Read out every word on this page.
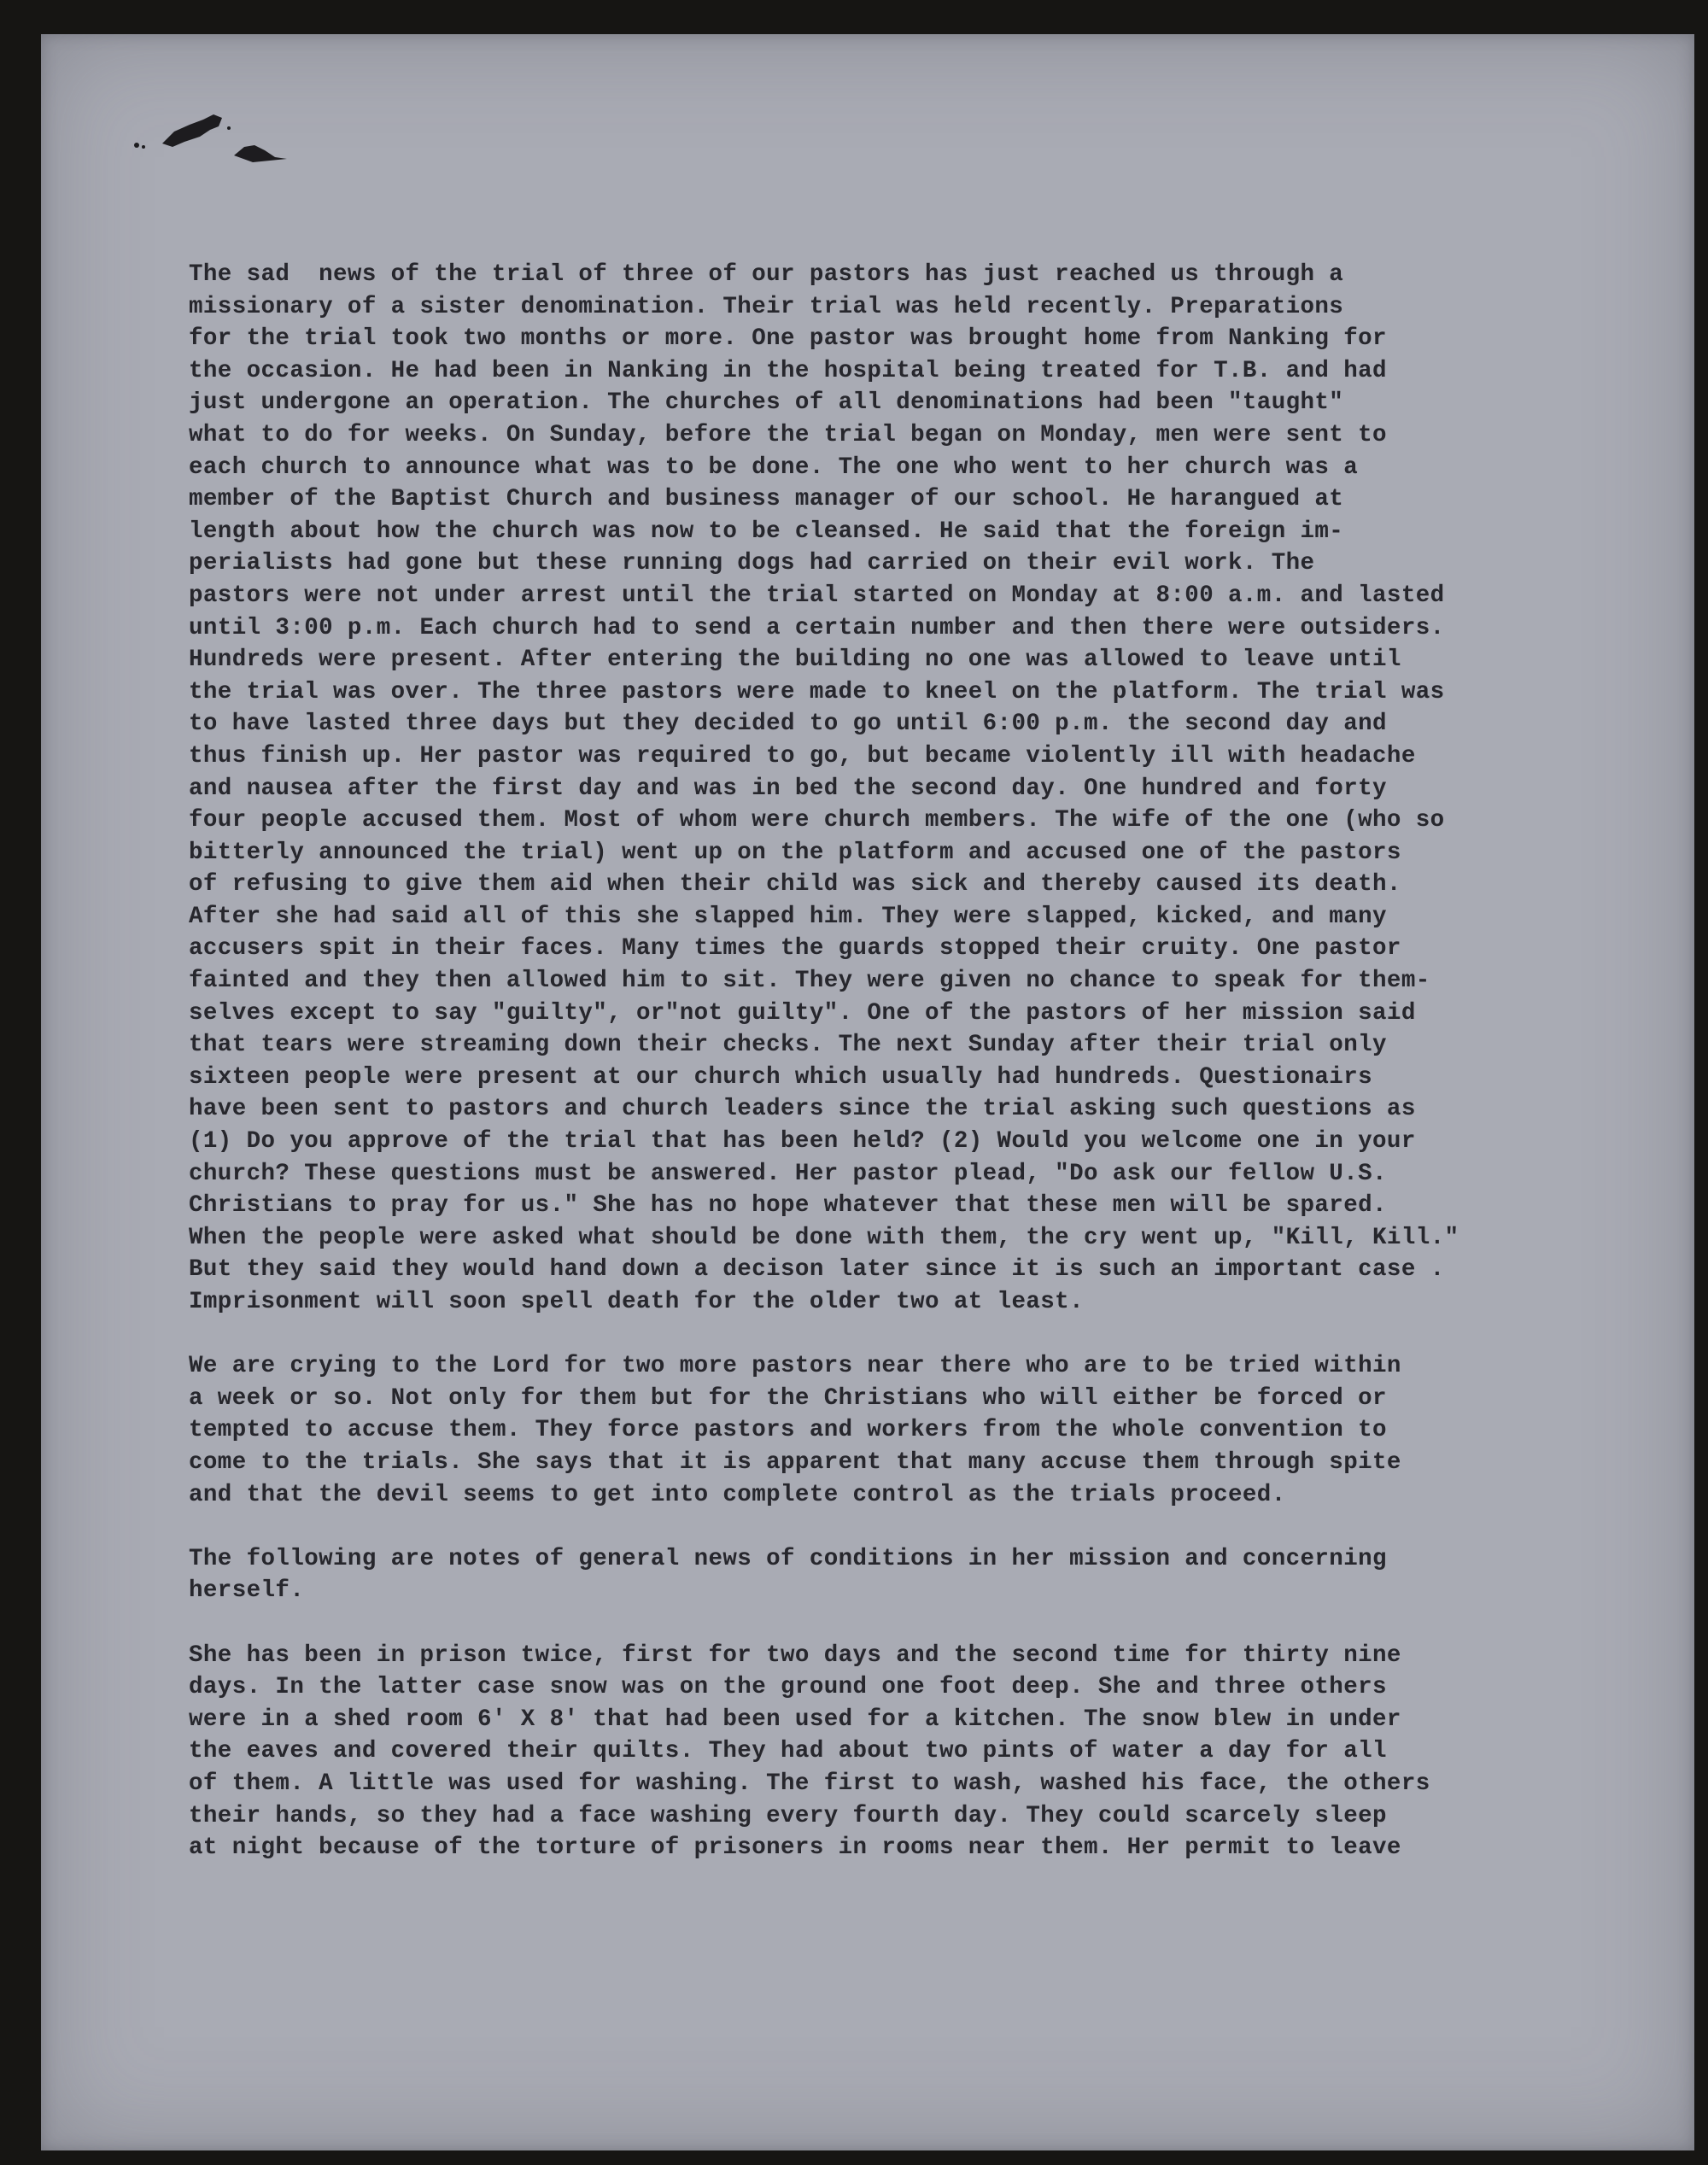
The sad  news of the trial of three of our pastors has just reached us through a
missionary of a sister denomination. Their trial was held recently. Preparations
for the trial took two months or more. One pastor was brought home from Nanking for
the occasion. He had been in Nanking in the hospital being treated for T.B. and had
just undergone an operation. The churches of all denominations had been "taught"
what to do for weeks. On Sunday, before the trial began on Monday, men were sent to
each church to announce what was to be done. The one who went to her church was a
member of the Baptist Church and business manager of our school. He harangued at
length about how the church was now to be cleansed. He said that the foreign im-
perialists had gone but these running dogs had carried on their evil work. The
pastors were not under arrest until the trial started on Monday at 8:00 a.m. and lasted
until 3:00 p.m. Each church had to send a certain number and then there were outsiders.
Hundreds were present. After entering the building no one was allowed to leave until
the trial was over. The three pastors were made to kneel on the platform. The trial was
to have lasted three days but they decided to go until 6:00 p.m. the second day and
thus finish up. Her pastor was required to go, but became violently ill with headache
and nausea after the first day and was in bed the second day. One hundred and forty
four people accused them. Most of whom were church members. The wife of the one (who so
bitterly announced the trial) went up on the platform and accused one of the pastors
of refusing to give them aid when their child was sick and thereby caused its death.
After she had said all of this she slapped him. They were slapped, kicked, and many
accusers spit in their faces. Many times the guards stopped their cruity. One pastor
fainted and they then allowed him to sit. They were given no chance to speak for them-
selves except to say "guilty", or"not guilty". One of the pastors of her mission said
that tears were streaming down their checks. The next Sunday after their trial only
sixteen people were present at our church which usually had hundreds. Questionairs
have been sent to pastors and church leaders since the trial asking such questions as
(1) Do you approve of the trial that has been held? (2) Would you welcome one in your
church? These questions must be answered. Her pastor plead, "Do ask our fellow U.S.
Christians to pray for us." She has no hope whatever that these men will be spared.
When the people were asked what should be done with them, the cry went up, "Kill, Kill."
But they said they would hand down a decison later since it is such an important case .
Imprisonment will soon spell death for the older two at least.

We are crying to the Lord for two more pastors near there who are to be tried within
a week or so. Not only for them but for the Christians who will either be forced or
tempted to accuse them. They force pastors and workers from the whole convention to
come to the trials. She says that it is apparent that many accuse them through spite
and that the devil seems to get into complete control as the trials proceed.

The following are notes of general news of conditions in her mission and concerning
herself.

She has been in prison twice, first for two days and the second time for thirty nine
days. In the latter case snow was on the ground one foot deep. She and three others
were in a shed room 6' X 8' that had been used for a kitchen. The snow blew in under
the eaves and covered their quilts. They had about two pints of water a day for all
of them. A little was used for washing. The first to wash, washed his face, the others
their hands, so they had a face washing every fourth day. They could scarcely sleep
at night because of the torture of prisoners in rooms near them. Her permit to leave
